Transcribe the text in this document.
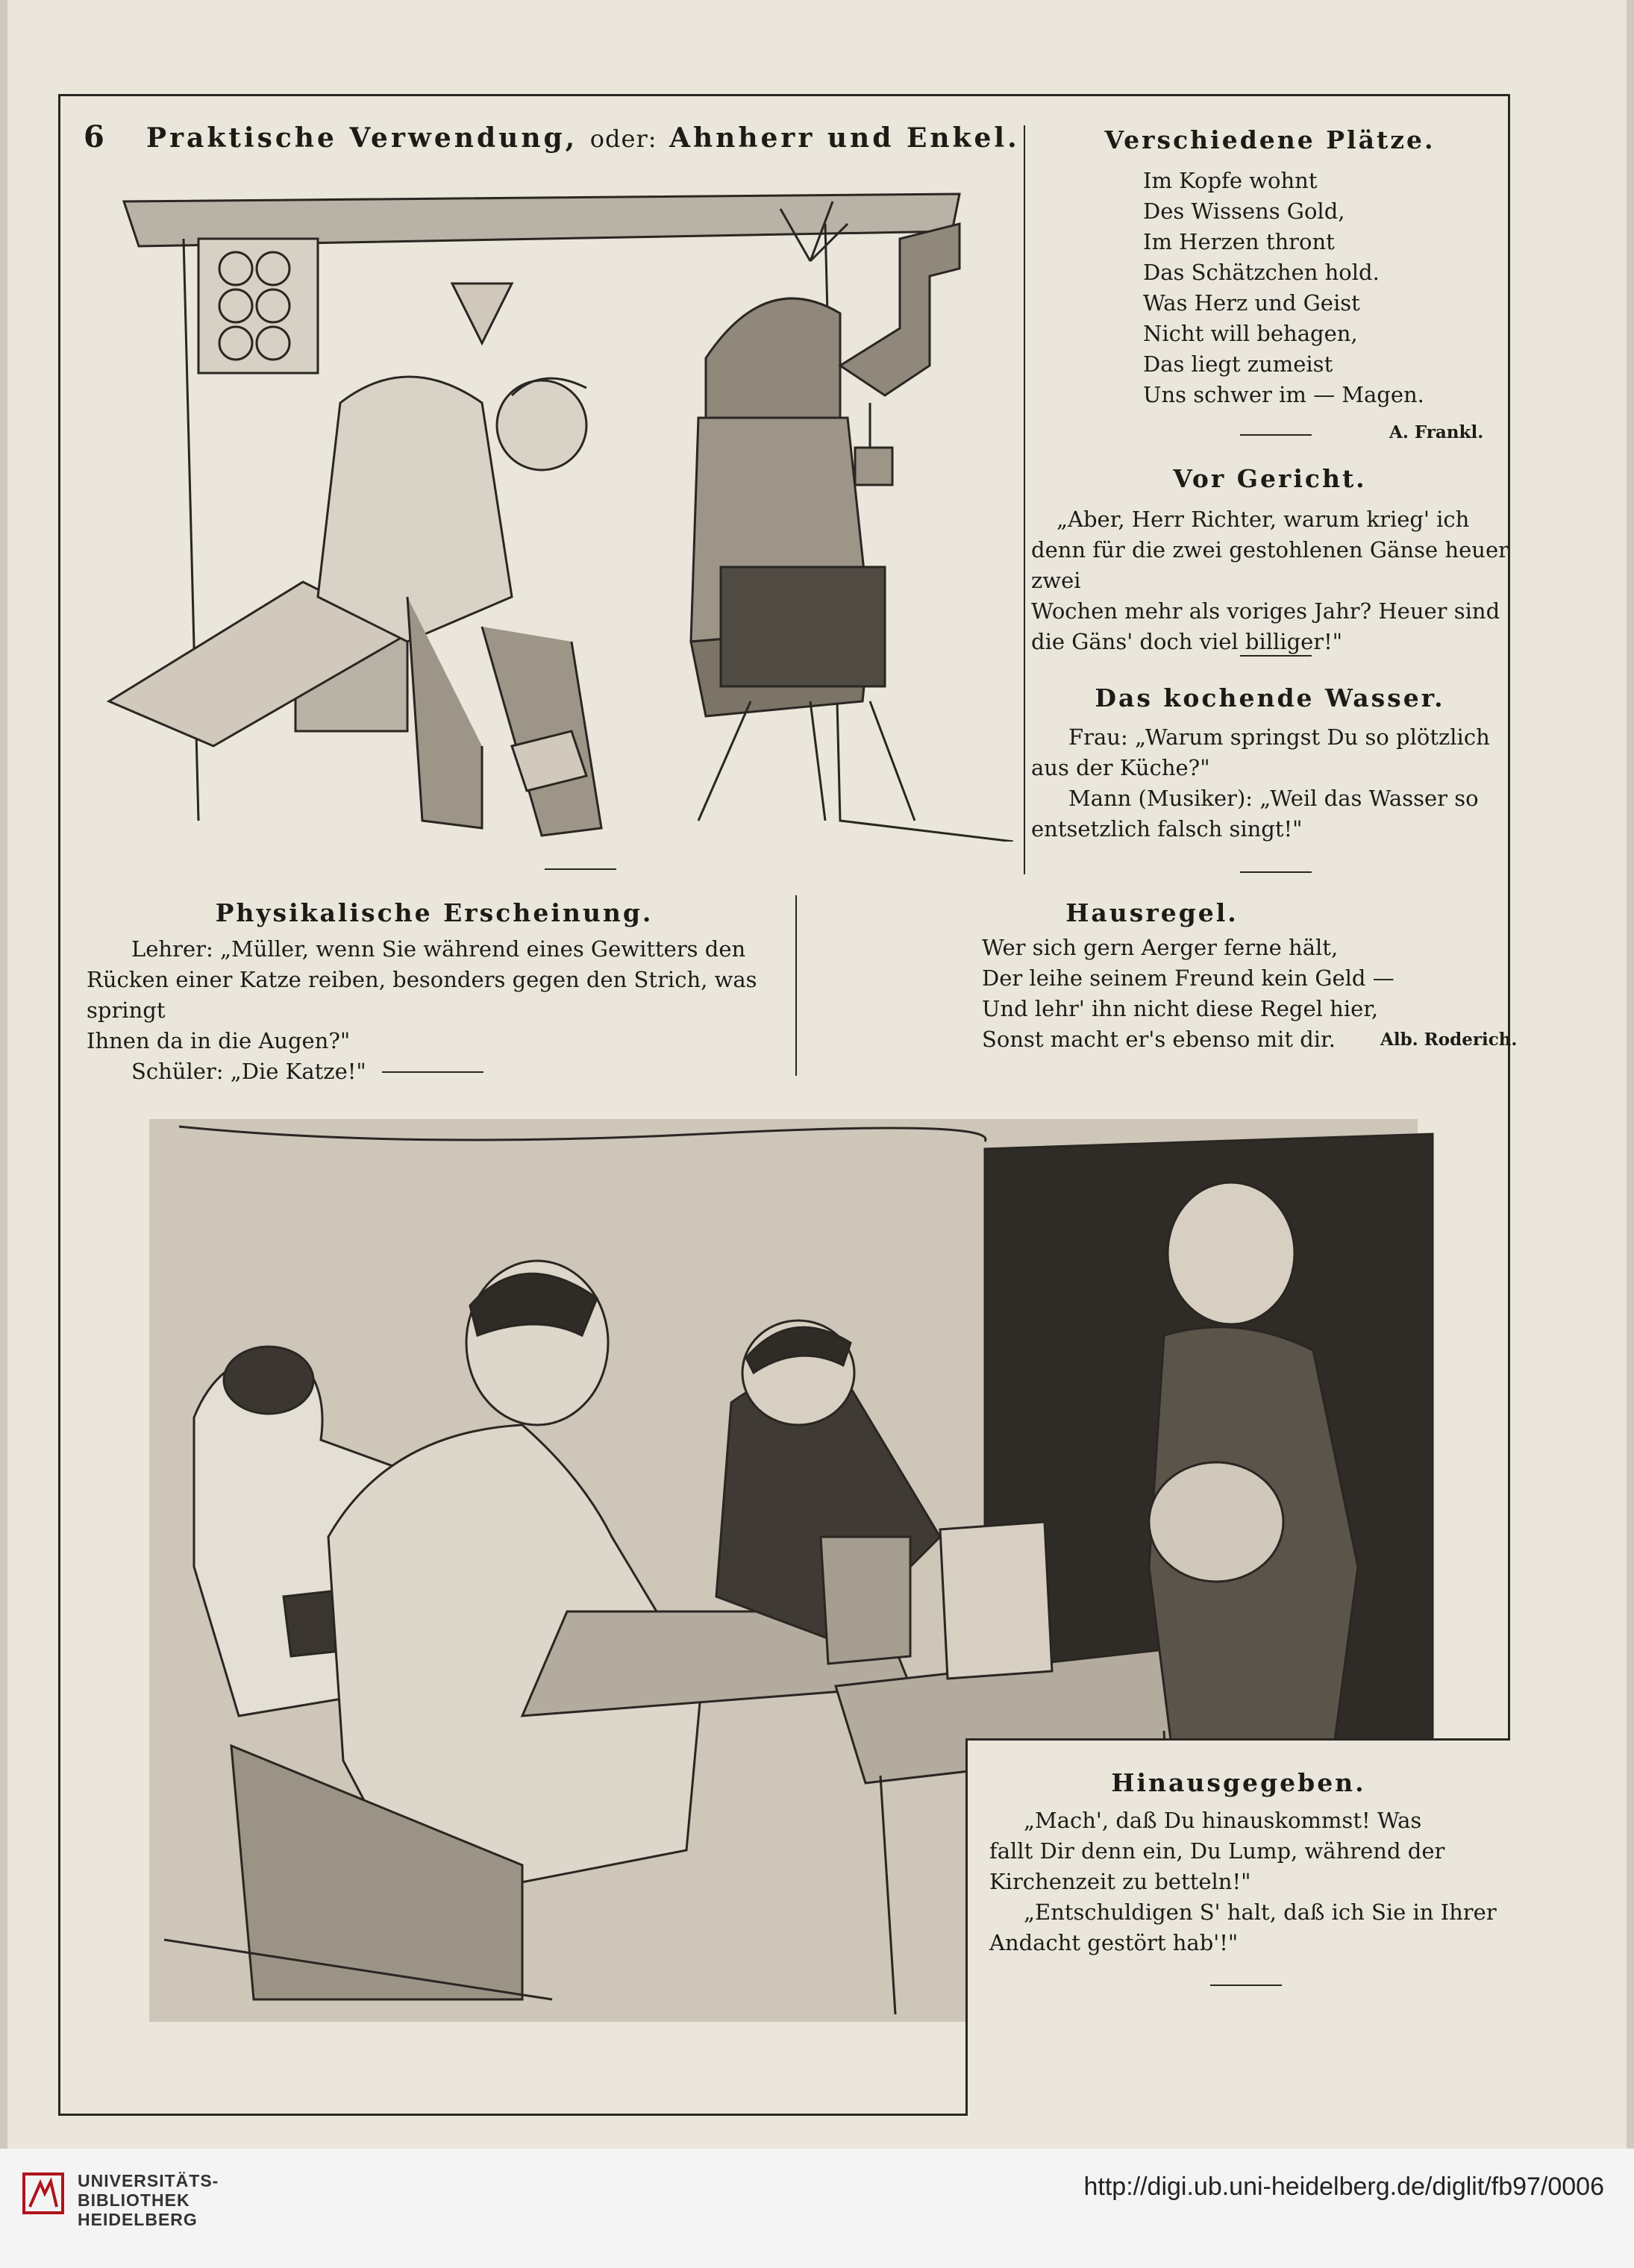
6 Praktische Verwendung, oder: Ahnherr und Enkel.	Verschiedene Plätze.
Im Kopfe wohnt
Des Wissens Gold,
Im Herzen thront
Das Schätzchen hold.
Was Herz und Geist
Nicht will behagen,
Das liegt zumeist
Uns schwer im — Magen.
A. Frankl.
Vor Gericht.
„Aber, Herr Richter, warum krieg' ich
denn für die zwei gestohlenen Gänse heuer zwei
Wochen mehr als voriges Jahr? Heuer sind
die Gäns' doch viel billiger!"
Das kochende Wasser.
Frau: „Warum springst Du so plötzlich
aus der Küche?"
Mann (Musiker): „Weil das Wasser so
entsetzlich falsch singt!"
Physikalische Erscheinung.
Lehrer: „Müller, wenn Sie während eines Gewitters den
Rücken einer Katze reiben, besonders gegen den Strich, was springt
Ihnen da in die Augen?"
Schüler: „Die Katze!"
Hausregel.
Wer sich gern Aerger ferne hält,
Der leihe seinem Freund kein Geld —
Und lehr' ihn nicht diese Regel hier,
Sonst macht er's ebenso mit dir.	Alb. Roderich.
Hinausgegeben.
„Mach', daß Du hinauskommst! Was
fallt Dir denn ein, Du Lump, während der
Kirchenzeit zu betteln!"
„Entschuldigen S' halt, daß ich Sie in Ihrer
Andacht gestört hab'!"
UNIVERSITÄTS-
BIBLIOTHEK
HEIDELBERG
http://digi.ub.uni-heidelberg.de/diglit/fb97/0006
